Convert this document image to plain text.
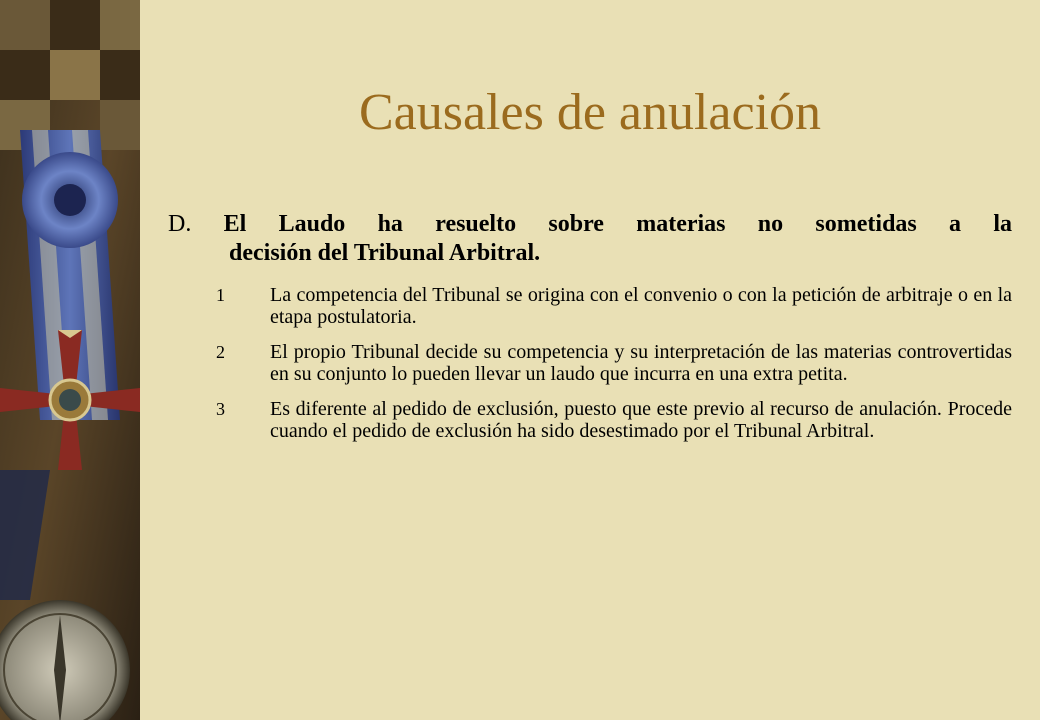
Causales de anulación
D. El Laudo ha resuelto sobre materias no sometidas a la
decisión del Tribunal Arbitral.
1	La competencia del Tribunal se origina con el convenio o con la petición de arbitraje o en la etapa postulatoria.
2	El propio Tribunal decide su competencia y su interpretación de las materias controvertidas en su conjunto lo pueden llevar un laudo que incurra en una extra petita.
3	Es diferente al pedido de exclusión, puesto que este previo al recurso de anulación. Procede cuando el pedido de exclusión ha sido desestimado por el Tribunal Arbitral.
